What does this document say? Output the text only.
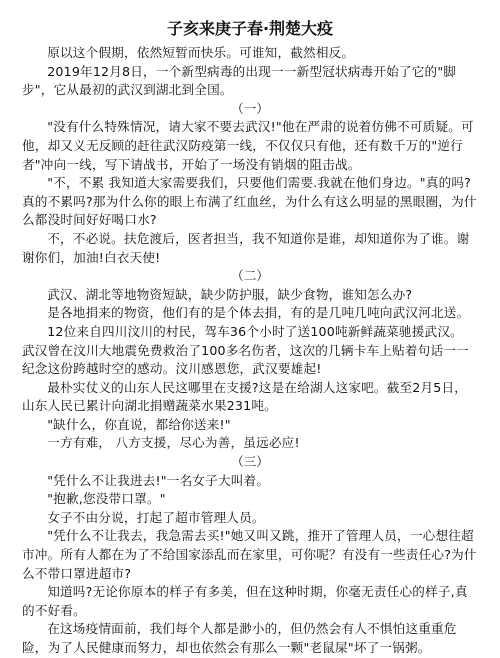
子亥来庚子春·荆楚大疫

原以这个假期，依然短暂而快乐。可谁知，截然相反。

2019年12月8日，一个新型病毒的出现一一新型冠状病毒开始了它的"脚步"，它从最初的武汉到湖北到全国。

（一）

"没有什么特殊情况，请大家不要去武汉!"他在严肃的说着仿佛不可质疑。可他，却又义无反顾的赶往武汉防疫第一线，不仅仅只有他，还有数千万的"逆行者"冲向一线，写下请战书，开始了一场没有销烟的阻击战。

"不，不累 我知道大家需要我们，只要他们需要.我就在他们身边。"真的吗?真的不累吗?那为什么你的眼上布满了红血丝，为什么有这么明显的黑眼圈，为什么都没时间好好喝口水?

不，不必说。扶危渡后，医者担当，我不知道你是谁，却知道你为了谁。谢谢你们，加油!白衣天使!

（二）

武汉、湖北等地物资短缺，缺少防护服，缺少食物，谁知怎么办?

是各地捐来的物资，他们有的是个体去捐，有的是几吨几吨向武汉河北送。

12位来自四川汶川的村民，驾车36个小时了送100吨新鲜蔬菜驰援武汉。 武汉曾在汶川大地震免费救治了100多名伤者，这次的几辆卡车上贴着句话一一纪念这份跨越时空的感动。汶川感恩您，武汉要雄起!

最朴实仗义的山东人民这哪里在支援?这是在给湖人这家吧。截至2月5日，山东人民已累计向湖北捐赠蔬菜水果231吨。

"缺什么，你直说，都给你送来!"

一方有难， 八方支援，尽心为善，虽远必应!

（三）

"凭什么不让我进去!"一名女子大叫着。

"抱歉,您没带口罩。"

女子不由分说，打起了超市管理人员。

"凭什么不让我去，我急需去买!"她又叫又跳，推开了管理人员，一心想往超市冲。所有人都在为了不给国家添乱而在家里，可你呢？有没有一些责任心?为什么不带口罩进超市?

知道吗?无论你原本的样子有多美，但在这种时期，你毫无责任心的样子,真的不好看。

在这场疫情面前，我们每个人都是渺小的，但仍然会有人不惧怕这重重危险，为了人民健康而努力，却也依然会有那么一颗"老鼠屎"坏了一锅粥。
